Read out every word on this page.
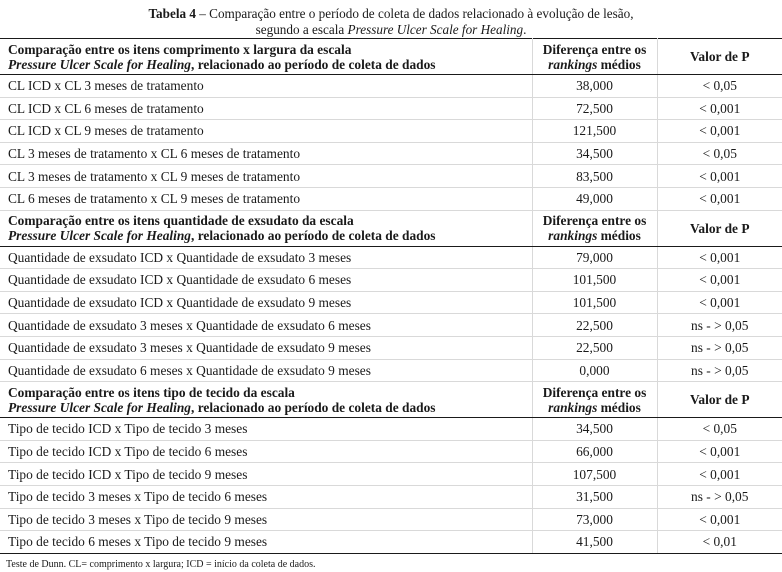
Tabela 4 – Comparação entre o período de coleta de dados relacionado à evolução de lesão,
segundo a escala Pressure Ulcer Scale for Healing.
Comparação entre os itens comprimento x largura da escala
Pressure Ulcer Scale for Healing, relacionado ao período de coleta de dados	Diferença entre os
rankings médios	Valor de P
CL ICD x CL 3 meses de tratamento	38,000	< 0,05
CL ICD x CL 6 meses de tratamento	72,500	< 0,001
CL ICD x CL 9 meses de tratamento	121,500	< 0,001
CL 3 meses de tratamento x CL 6 meses de tratamento	34,500	< 0,05
CL 3 meses de tratamento x CL 9 meses de tratamento	83,500	< 0,001
CL 6 meses de tratamento x CL 9 meses de tratamento	49,000	< 0,001

Comparação entre os itens quantidade de exsudato da escala
Pressure Ulcer Scale for Healing, relacionado ao período de coleta de dados	Diferença entre os
rankings médios	Valor de P
Quantidade de exsudato ICD x Quantidade de exsudato 3 meses	79,000	< 0,001
Quantidade de exsudato ICD x Quantidade de exsudato 6 meses	101,500	< 0,001
Quantidade de exsudato ICD x Quantidade de exsudato 9 meses	101,500	< 0,001
Quantidade de exsudato 3 meses x Quantidade de exsudato 6 meses	22,500	ns - > 0,05
Quantidade de exsudato 3 meses x Quantidade de exsudato 9 meses	22,500	ns - > 0,05
Quantidade de exsudato 6 meses x Quantidade de exsudato 9 meses	0,000	ns - > 0,05

Comparação entre os itens tipo de tecido da escala
Pressure Ulcer Scale for Healing, relacionado ao período de coleta de dados	Diferença entre os
rankings médios	Valor de P
Tipo de tecido ICD x Tipo de tecido 3 meses	34,500	< 0,05
Tipo de tecido ICD x Tipo de tecido 6 meses	66,000	< 0,001
Tipo de tecido ICD x Tipo de tecido 9 meses	107,500	< 0,001
Tipo de tecido 3 meses x Tipo de tecido 6 meses	31,500	ns - > 0,05
Tipo de tecido 3 meses x Tipo de tecido 9 meses	73,000	< 0,001
Tipo de tecido 6 meses x Tipo de tecido 9 meses	41,500	< 0,01
Teste de Dunn. CL= comprimento x largura; ICD = início da coleta de dados.
